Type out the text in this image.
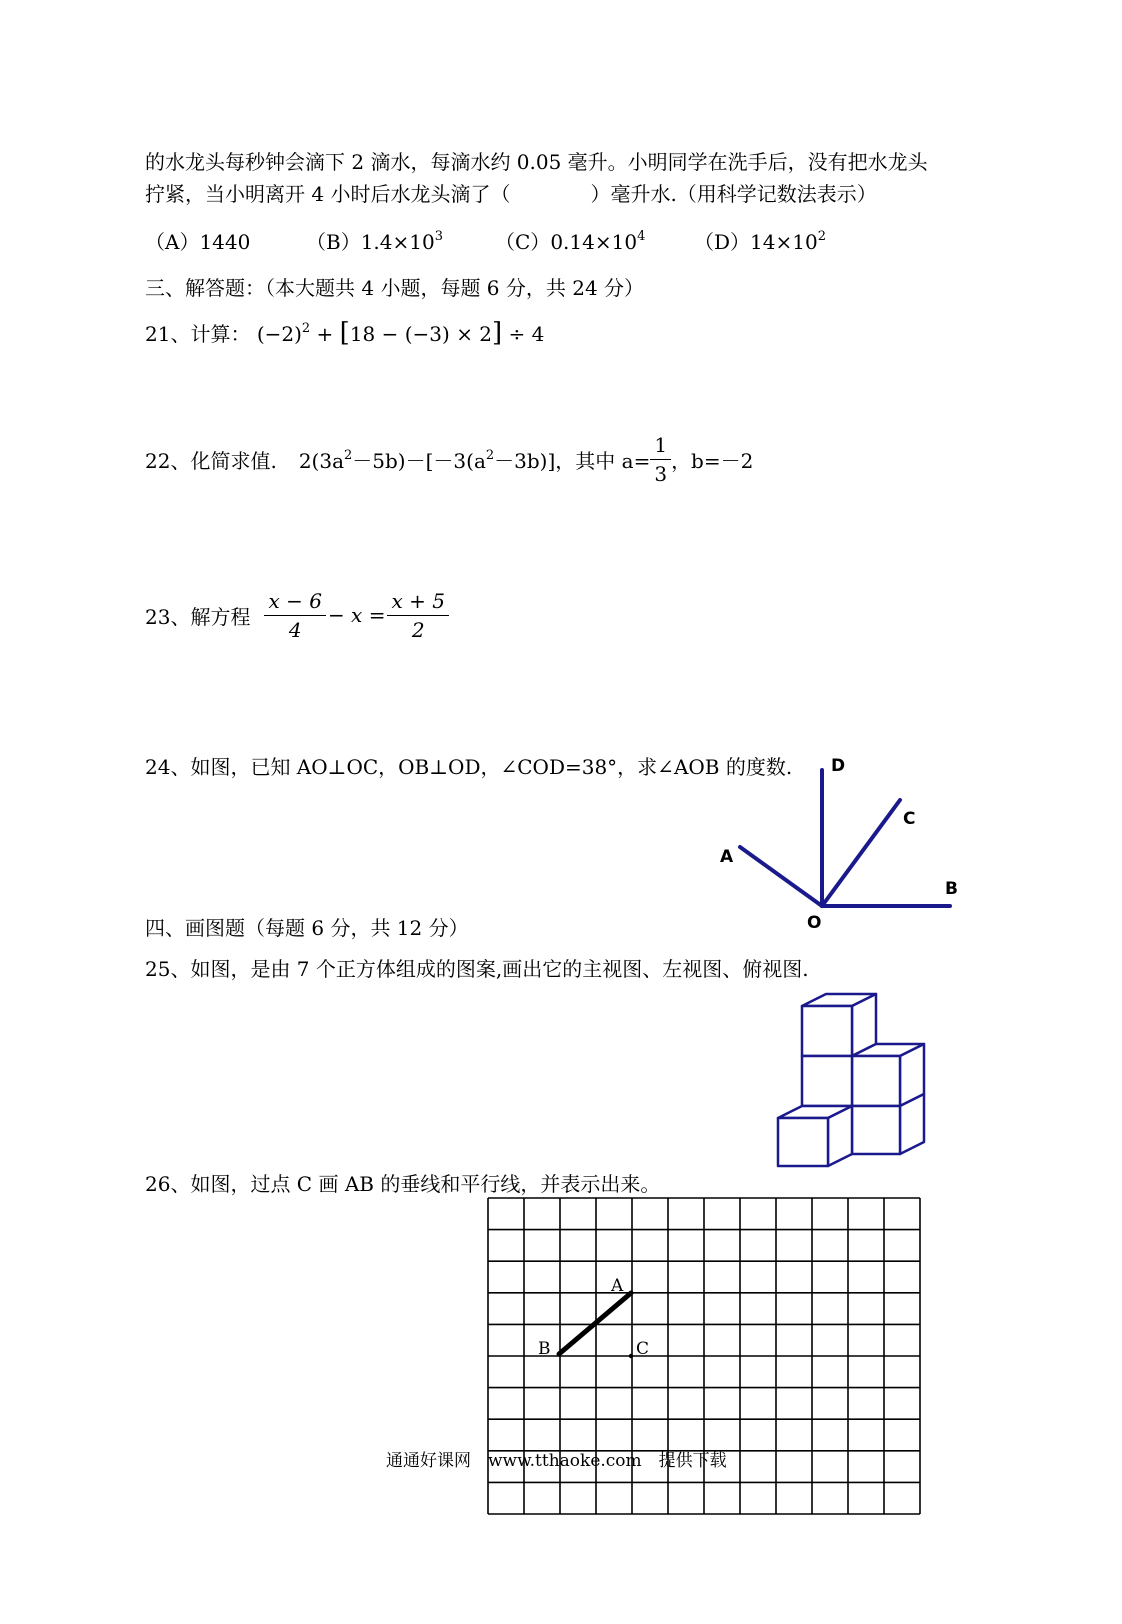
的水龙头每秒钟会滴下 2 滴水，每滴水约 0.05 毫升。小明同学在洗手后，没有把水龙头
拧紧，当小明离开 4 小时后水龙头滴了（　　　　）毫升水.（用科学记数法表示）
（A）1440	$(B)1.4\times 10^3$	$(C)0.14\times 10^4$ $(D)14\times 10^2$
三、解答题：（本大题共 4 小题，每题 6 分，共 24 分）
21、计算： $(-2)^2 + [18 - (-3) \times 2] \div 4$
22、化简求值. $2(3a^2-5b)-[-3(a^2-3b)]$，其中 $a= \frac{1}{3}$ ，b=－2
23、解方程 $\frac{x - 6}{4} - x = \frac{x + 5}{2}$
24、如图，已知 AO⊥OC，OB⊥OD，∠COD=38°，求∠AOB 的度数. D
C
A
B
O
四、画图题（每题 6 分，共 12 分）
25、如图，是由 7 个正方体组成的图案,画出它的主视图、左视图、俯视图.
26、如图，过点 C 画 AB 的垂线和平行线，并表示出来。
A
B	C
通通好课网　www.tthaoke.com　提供下载
